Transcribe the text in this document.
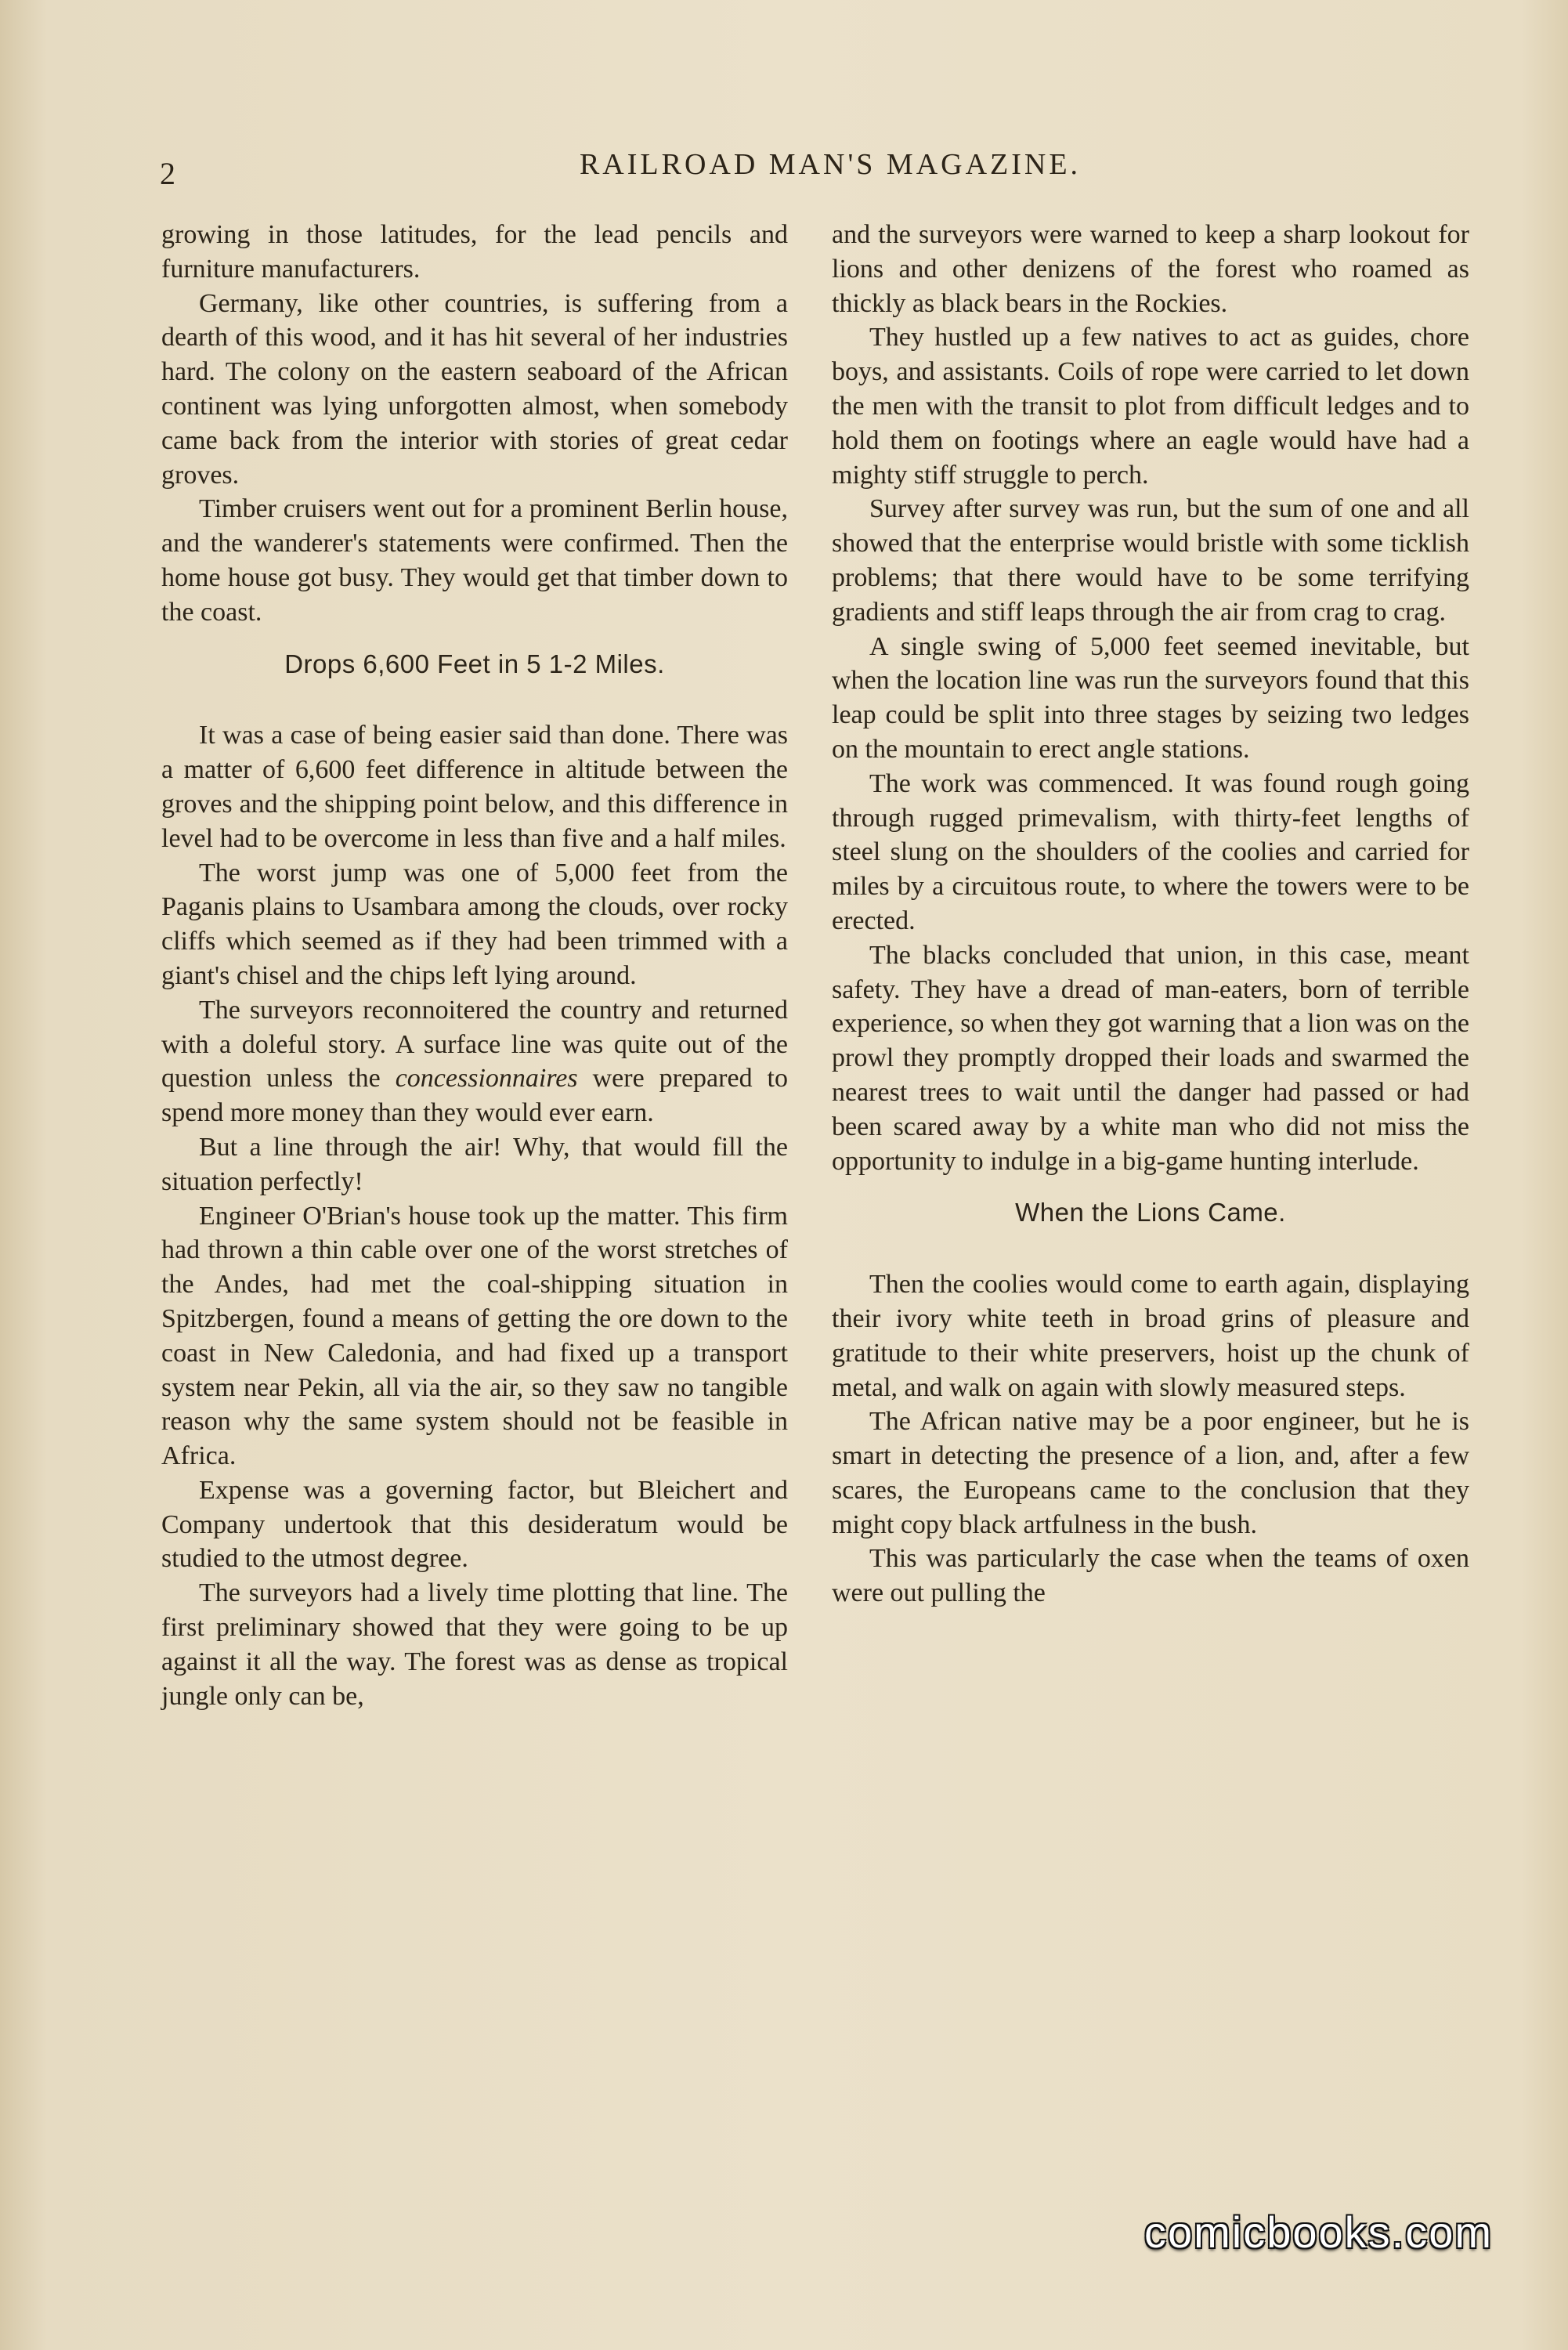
2	RAILROAD MAN'S MAGAZINE.

growing in those latitudes, for the lead pencils and furniture manufacturers.

Germany, like other countries, is suffering from a dearth of this wood, and it has hit several of her industries hard. The colony on the eastern seaboard of the African continent was lying unforgotten almost, when somebody came back from the interior with stories of great cedar groves.

Timber cruisers went out for a prominent Berlin house, and the wanderer's statements were confirmed. Then the home house got busy. They would get that timber down to the coast.

Drops 6,600 Feet in 5 1-2 Miles.

It was a case of being easier said than done. There was a matter of 6,600 feet difference in altitude between the groves and the shipping point below, and this difference in level had to be overcome in less than five and a half miles.

The worst jump was one of 5,000 feet from the Paganis plains to Usambara among the clouds, over rocky cliffs which seemed as if they had been trimmed with a giant's chisel and the chips left lying around.

The surveyors reconnoitered the country and returned with a doleful story. A surface line was quite out of the question unless the concessionnaires were prepared to spend more money than they would ever earn.

But a line through the air! Why, that would fill the situation perfectly!

Engineer O'Brian's house took up the matter. This firm had thrown a thin cable over one of the worst stretches of the Andes, had met the coal-shipping situation in Spitzbergen, found a means of getting the ore down to the coast in New Caledonia, and had fixed up a transport system near Pekin, all via the air, so they saw no tangible reason why the same system should not be feasible in Africa.

Expense was a governing factor, but Bleichert and Company undertook that this desideratum would be studied to the utmost degree.

The surveyors had a lively time plotting that line. The first preliminary showed that they were going to be up against it all the way. The forest was as dense as tropical jungle only can be,

and the surveyors were warned to keep a sharp lookout for lions and other denizens of the forest who roamed as thickly as black bears in the Rockies.

They hustled up a few natives to act as guides, chore boys, and assistants. Coils of rope were carried to let down the men with the transit to plot from difficult ledges and to hold them on footings where an eagle would have had a mighty stiff struggle to perch.

Survey after survey was run, but the sum of one and all showed that the enterprise would bristle with some ticklish problems; that there would have to be some terrifying gradients and stiff leaps through the air from crag to crag.

A single swing of 5,000 feet seemed inevitable, but when the location line was run the surveyors found that this leap could be split into three stages by seizing two ledges on the mountain to erect angle stations.

The work was commenced. It was found rough going through rugged primevalism, with thirty-feet lengths of steel slung on the shoulders of the coolies and carried for miles by a circuitous route, to where the towers were to be erected.

The blacks concluded that union, in this case, meant safety. They have a dread of man-eaters, born of terrible experience, so when they got warning that a lion was on the prowl they promptly dropped their loads and swarmed the nearest trees to wait until the danger had passed or had been scared away by a white man who did not miss the opportunity to indulge in a big-game hunting interlude.

When the Lions Came.

Then the coolies would come to earth again, displaying their ivory white teeth in broad grins of pleasure and gratitude to their white preservers, hoist up the chunk of metal, and walk on again with slowly measured steps.

The African native may be a poor engineer, but he is smart in detecting the presence of a lion, and, after a few scares, the Europeans came to the conclusion that they might copy black artfulness in the bush.

This was particularly the case when the teams of oxen were out pulling the

comicbooks.com
